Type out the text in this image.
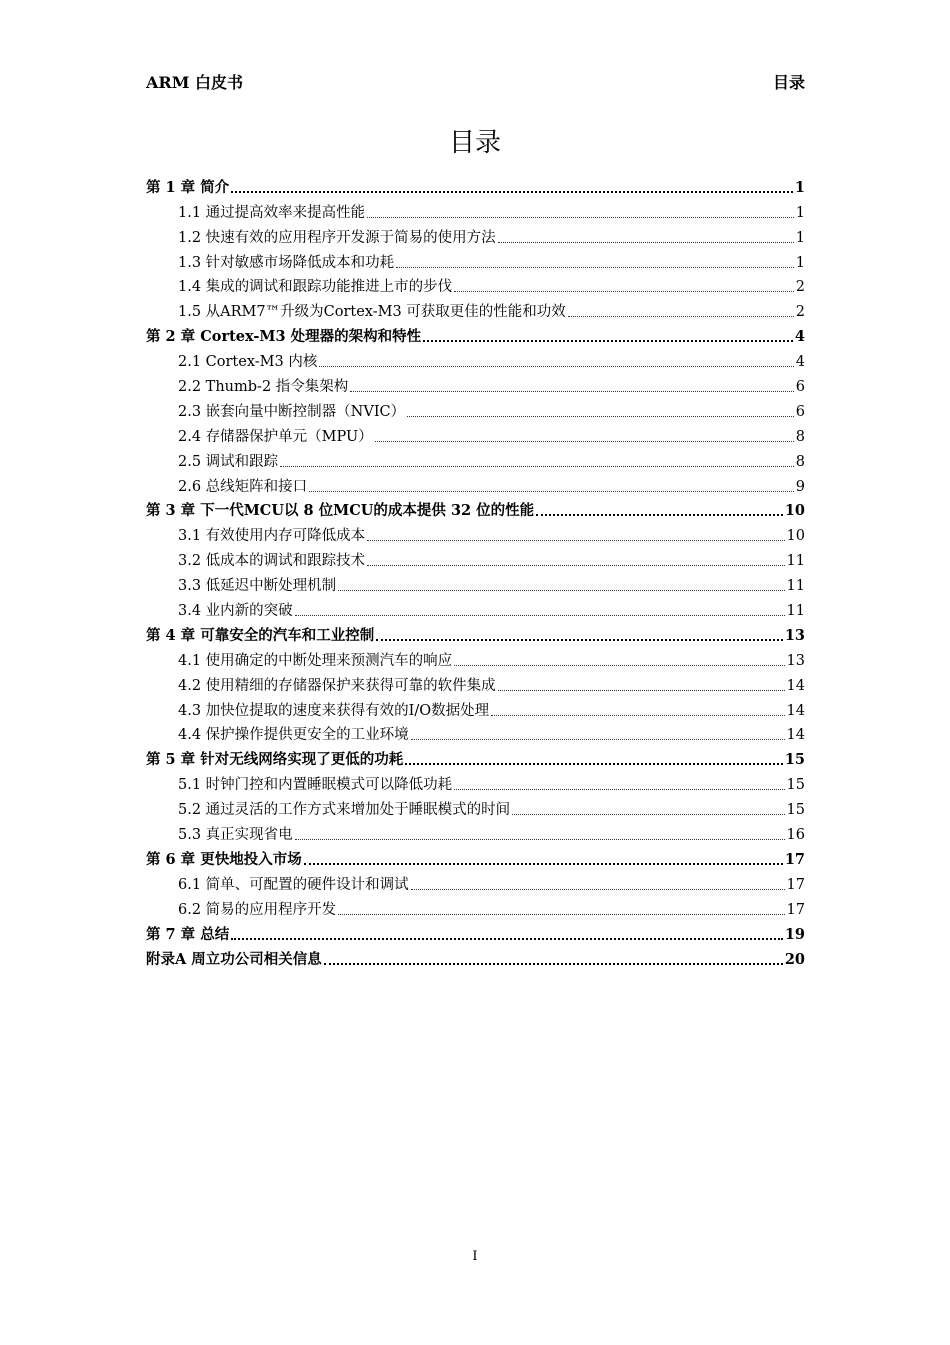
ARM 白皮书	目录
目录
第 1 章 简介	1
1.1 通过提高效率来提高性能	1
1.2 快速有效的应用程序开发源于简易的使用方法	1
1.3 针对敏感市场降低成本和功耗	1
1.4 集成的调试和跟踪功能推进上市的步伐	2
1.5 从ARM7™升级为Cortex-M3 可获取更佳的性能和功效	2
第 2 章 Cortex-M3 处理器的架构和特性	4
2.1 Cortex-M3 内核	4
2.2 Thumb-2 指令集架构	6
2.3 嵌套向量中断控制器（NVIC）	6
2.4 存储器保护单元（MPU）	8
2.5 调试和跟踪	8
2.6 总线矩阵和接口	9
第 3 章 下一代MCU以 8 位MCU的成本提供 32 位的性能	10
3.1 有效使用内存可降低成本	10
3.2 低成本的调试和跟踪技术	11
3.3 低延迟中断处理机制	11
3.4 业内新的突破	11
第 4 章 可靠安全的汽车和工业控制	13
4.1 使用确定的中断处理来预测汽车的响应	13
4.2 使用精细的存储器保护来获得可靠的软件集成	14
4.3 加快位提取的速度来获得有效的I/O数据处理	14
4.4 保护操作提供更安全的工业环境	14
第 5 章 针对无线网络实现了更低的功耗	15
5.1 时钟门控和内置睡眠模式可以降低功耗	15
5.2 通过灵活的工作方式来增加处于睡眠模式的时间	15
5.3 真正实现省电	16
第 6 章 更快地投入市场	17
6.1 简单、可配置的硬件设计和调试	17
6.2 简易的应用程序开发	17
第 7 章 总结	19
附录A 周立功公司相关信息	20
I
